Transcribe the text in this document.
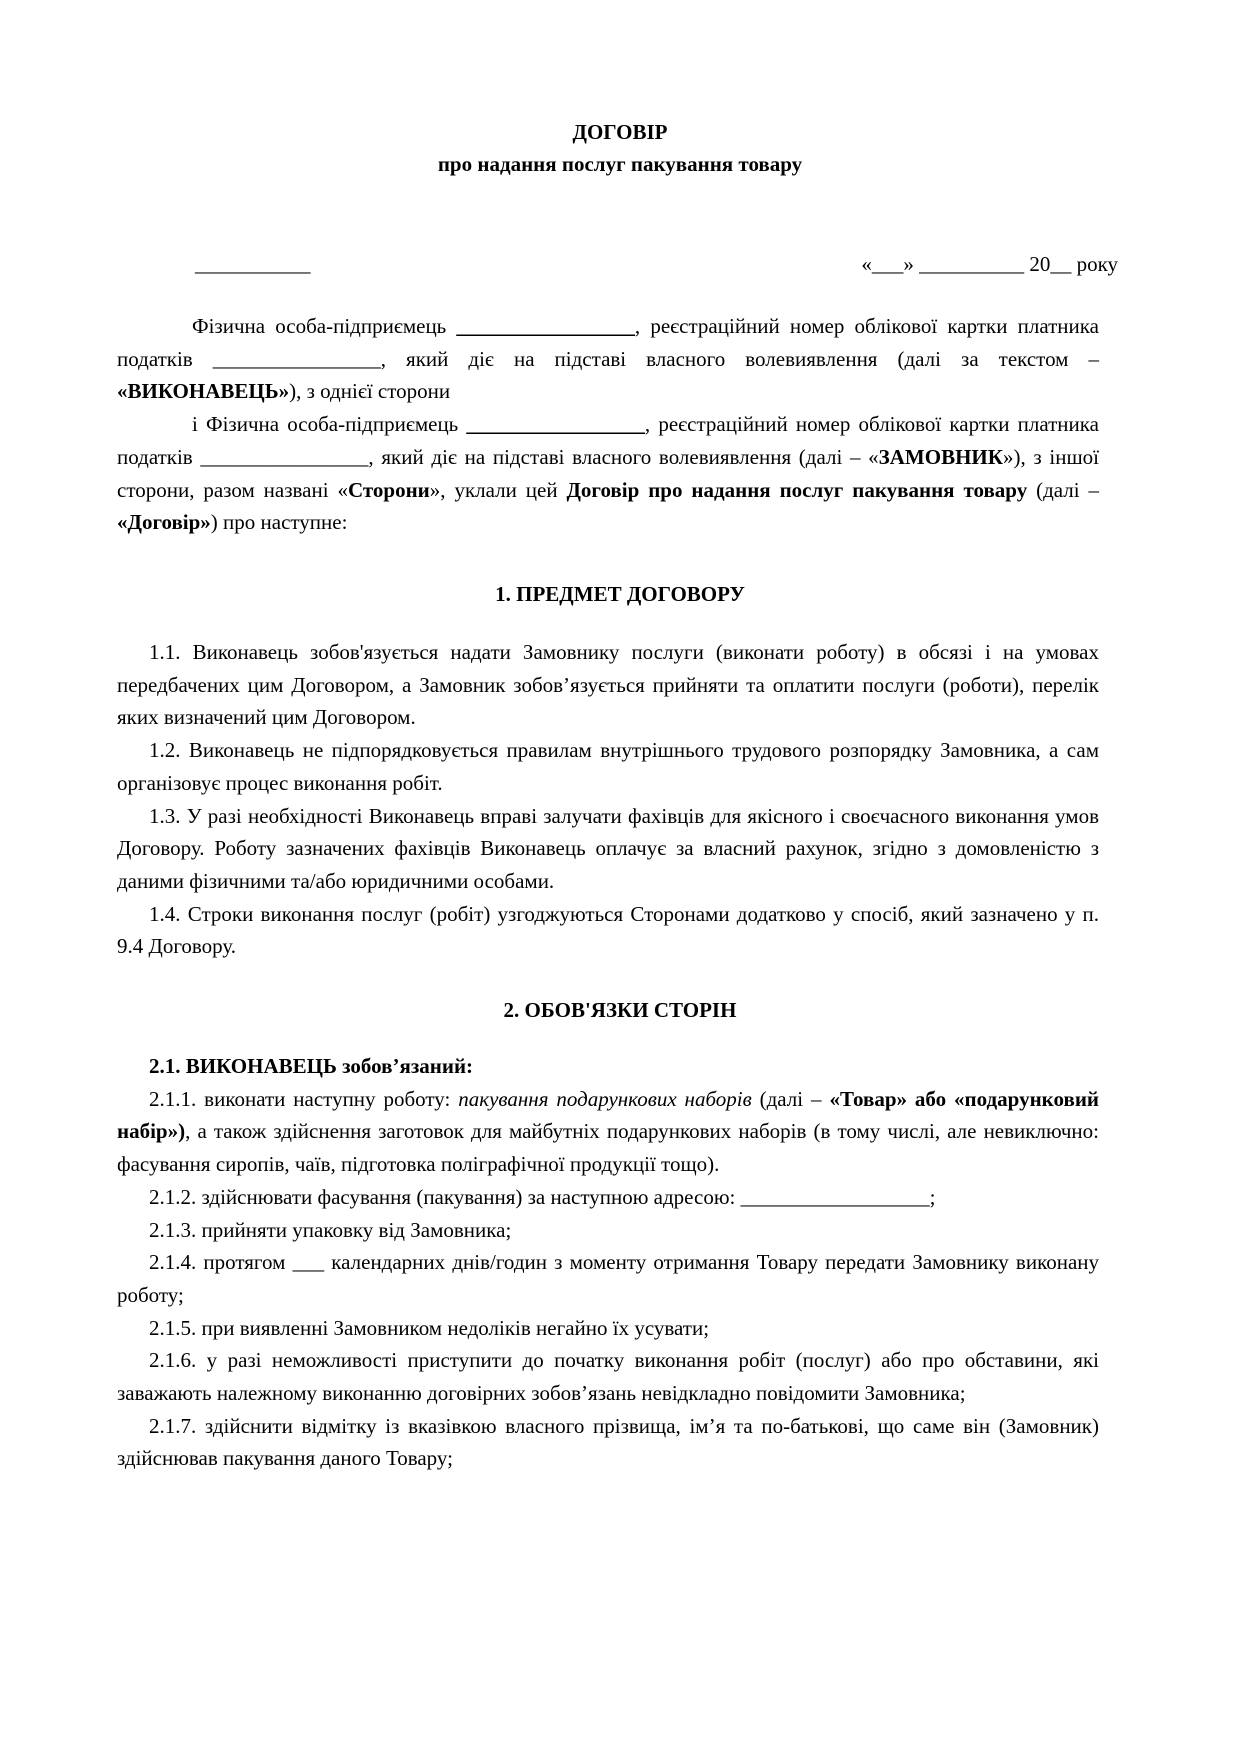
ДОГОВІР

про надання послуг пакування товару

___________	«___» __________ 20__ року

Фізична особа-підприємець _________________, реєстраційний номер облікової картки платника податків ________________, який діє на підставі власного волевиявлення (далі за текстом – «ВИКОНАВЕЦЬ»), з однієї сторони

і Фізична особа-підприємець _________________, реєстраційний номер облікової картки платника податків ________________, який діє на підставі власного волевиявлення (далі – «ЗАМОВНИК»), з іншої сторони, разом названі «Сторони», уклали цей Договір про надання послуг пакування товару (далі – «Договір») про наступне:

1. ПРЕДМЕТ ДОГОВОРУ

1.1. Виконавець зобов'язується надати Замовнику послуги (виконати роботу) в обсязі і на умовах передбачених цим Договором, а Замовник зобов’язується прийняти та оплатити послуги (роботи), перелік яких визначений цим Договором.

1.2. Виконавець не підпорядковується правилам внутрішнього трудового розпорядку Замовника, а сам організовує процес виконання робіт.

1.3. У разі необхідності Виконавець вправі залучати фахівців для якісного і своєчасного виконання умов Договору. Роботу зазначених фахівців Виконавець оплачує за власний рахунок, згідно з домовленістю з даними фізичними та/або юридичними особами.

1.4. Строки виконання послуг (робіт) узгоджуються Сторонами додатково у спосіб, який зазначено у п. 9.4 Договору.

2. ОБОВ'ЯЗКИ СТОРІН

2.1. ВИКОНАВЕЦЬ зобов’язаний:

2.1.1. виконати наступну роботу: пакування подарункових наборів (далі – «Товар» або «подарунковий набір»), а також здійснення заготовок для майбутніх подарункових наборів (в тому числі, але невиключно: фасування сиропів, чаїв, підготовка поліграфічної продукції тощо).

2.1.2. здійснювати фасування (пакування) за наступною адресою: __________________;

2.1.3. прийняти упаковку від Замовника;

2.1.4. протягом ___ календарних днів/годин з моменту отримання Товару передати Замовнику виконану роботу;

2.1.5. при виявленні Замовником недоліків негайно їх усувати;

2.1.6. у разі неможливості приступити до початку виконання робіт (послуг) або про обставини, які заважають належному виконанню договірних зобов’язань невідкладно повідомити Замовника;

2.1.7. здійснити відмітку із вказівкою власного прізвища, ім’я та по-батькові, що саме він (Замовник) здійснював пакування даного Товару;
